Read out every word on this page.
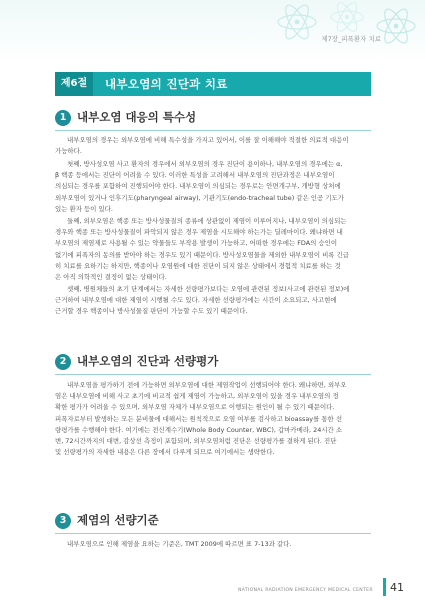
제7장_피폭환자 치료
제6절	내부오염의 진단과 치료
1 내부오염 대응의 특수성
내부오염의 경우는 외부오염에 비해 특수성을 가지고 있어서, 이를 잘 이해해야 적절한 의료적 대응이
가능하다.
첫째, 방사성오염 사고 환자의 경우에서 외부오염의 경우 진단이 용이하나, 내부오염의 경우에는 α,
β 핵종 등에서는 진단이 어려울 수 있다. 이러한 특성을 고려해서 내부오염의 진단과정은 내부오염이
의심되는 경우를 포함하여 진행되어야 한다. 내부오염이 의심되는 경우로는 안면개구부, 개방형 상처에
외부오염이 있거나 인후기도(pharyngeal airway), 기관기도(endo-tracheal tube) 같은 인공 기도가
있는 환자 등이 있다.
둘째, 외부오염은 핵종 또는 방사성물질의 종류에 상관없이 제염이 이루어지나, 내부오염이 의심되는
경우와 핵종 또는 방사성물질이 파악되지 않은 경우 제염을 시도해야 하는가는 딜레마이다. 왜냐하면 내
부오염의 제염제로 사용될 수 있는 약물들도 부작용 발생이 가능하고, 어떠한 경우에는 FDA의 승인이
없기에 피폭자의 동의를 받아야 하는 경우도 있기 때문이다. 방사성오염물을 제외한 내부오염이 비록 긴급
히 치료를 요하기는 하지만, 핵종이나 오염원에 대한 진단이 되지 않은 상태에서 경험적 치료를 하는 것
은 아직 의학적인 결정이 없는 상태이다.
셋째, 병원체들의 초기 단계에서는 자세한 선량평가보다는 오염에 관련된 정보(사고에 관련된 정보)에
근거하여 내부오염에 대한 제염이 시행될 수도 있다. 자세한 선량평가에는 시간이 소요되고, 사고현에
근거할 경우 핵종이나 방사성물질 판단이 가능할 수도 있기 때문이다.
2 내부오염의 진단과 선량평가
내부오염을 평가하기 전에 가능하면 외부오염에 대한 제염작업이 선행되어야 한다. 왜냐하면, 외부오
염은 내부오염에 비해 사고 초기에 비교적 쉽게 제염이 가능하고, 외부오염이 있을 경우 내부오염의 정
확한 평가가 어려울 수 있으며, 외부오염 자체가 내부오염으로 이행되는 원인이 될 수 있기 때문이다.
피폭자로부터 발생하는 모든 분비물에 대해서는 원칙적으로 오염 여부를 검사하고 bioassay를 통한 선
량평가를 수행해야 한다. 여기에는 전신계수기(Whole Body Counter, WBC), 갑마카메라, 24시간 소
변, 72시간까지의 대변, 감상선 측정이 포함되며, 외부오염처럼 진단은 선량평가를 결하게 된다. 진단
및 선량평가의 자세한 내용은 다른 장에서 다루게 되므로 여기에서는 생략한다.
3 제염의 선량기준
내부오염으로 인해 제염을 요하는 기준은, TMT 2009에 따르면 표 7-13과 같다.
NATIONAL RADIATION EMERGENCY MEDICAL CENTER 41
